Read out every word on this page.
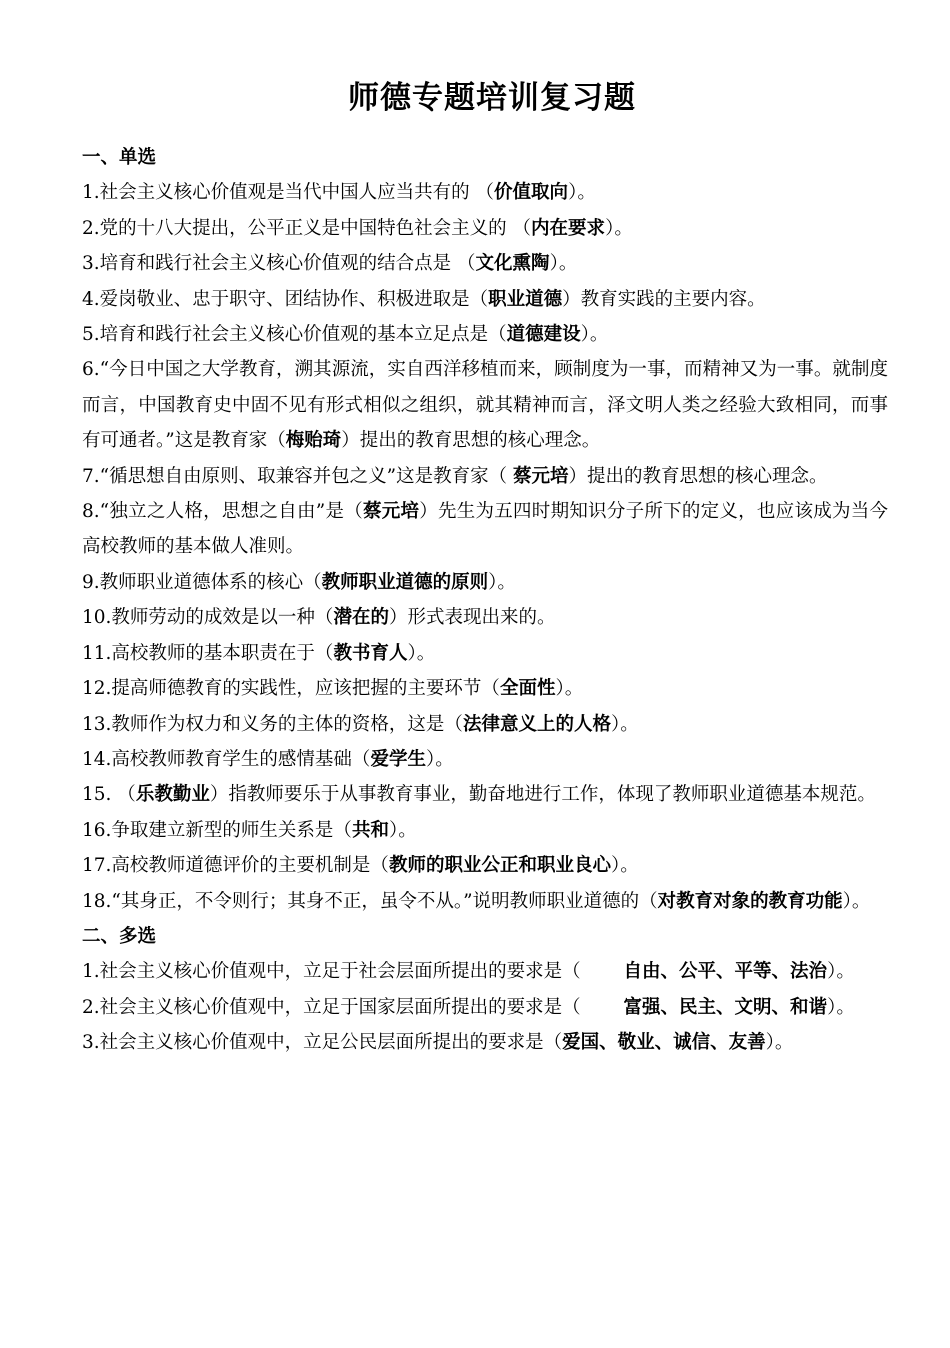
师德专题培训复习题
一、单选

1.社会主义核心价值观是当代中国人应当共有的 （价值取向）。

2.党的十八大提出，公平正义是中国特色社会主义的 （内在要求）。

3.培育和践行社会主义核心价值观的结合点是 （文化熏陶）。

4.爱岗敬业、忠于职守、团结协作、积极进取是（职业道德）教育实践的主要内容。

5.培育和践行社会主义核心价值观的基本立足点是（道德建设）。

6.“今日中国之大学教育，溯其源流，实自西洋移植而来，顾制度为一事，而精神又为一事。就制度而言，中国教育史中固不见有形式相似之组织，就其精神而言，泽文明人类之经验大致相同，而事有可通者。”这是教育家（梅贻琦）提出的教育思想的核心理念。

7.“循思想自由原则、取兼容并包之义”这是教育家（ 蔡元培）提出的教育思想的核心理念。

8.“独立之人格，思想之自由”是（蔡元培）先生为五四时期知识分子所下的定义，也应该成为当今高校教师的基本做人准则。

9.教师职业道德体系的核心（教师职业道德的原则）。

10.教师劳动的成效是以一种（潜在的）形式表现出来的。

11.高校教师的基本职责在于（教书育人）。

12.提高师德教育的实践性，应该把握的主要环节（全面性）。

13.教师作为权力和义务的主体的资格，这是（法律意义上的人格）。

14.高校教师教育学生的感情基础（爱学生）。

15. （乐教勤业）指教师要乐于从事教育事业，勤奋地进行工作，体现了教师职业道德基本规范。

16.争取建立新型的师生关系是（共和）。

17.高校教师道德评价的主要机制是（教师的职业公正和职业良心）。

18.“其身正，不令则行；其身不正，虽令不从。”说明教师职业道德的（对教育对象的教育功能）。

二、多选

1.社会主义核心价值观中，立足于社会层面所提出的要求是（　　 自由、公平、平等、法治）。

2.社会主义核心价值观中，立足于国家层面所提出的要求是（　　 富强、民主、文明、和谐）。

3.社会主义核心价值观中，立足公民层面所提出的要求是（爱国、敬业、诚信、友善）。
